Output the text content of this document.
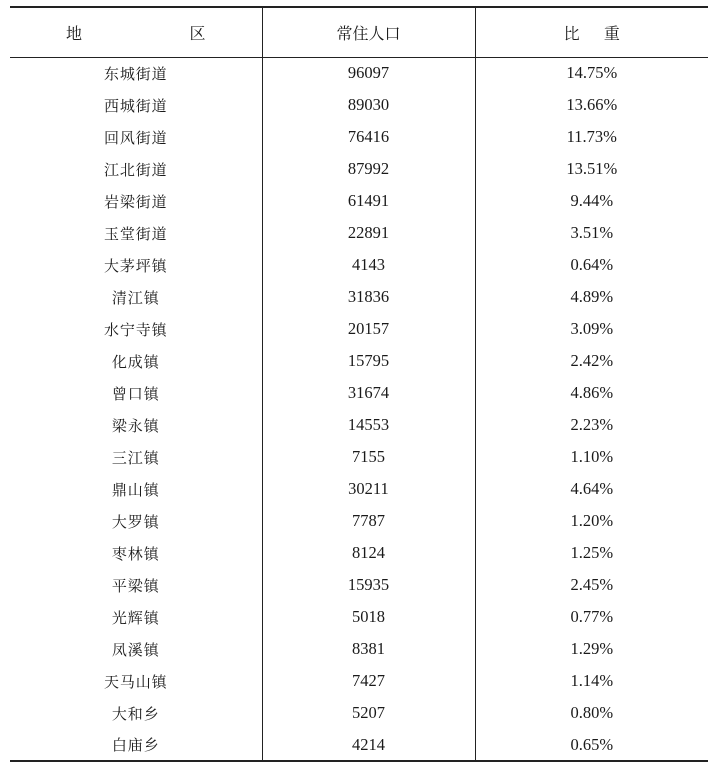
地 区	常住人口	比 重
东城街道	96097	14.75%
西城街道	89030	13.66%
回风街道	76416	11.73%
江北街道	87992	13.51%
岩梁街道	61491	9.44%
玉堂街道	22891	3.51%
大茅坪镇	4143	0.64%
清江镇	31836	4.89%
水宁寺镇	20157	3.09%
化成镇	15795	2.42%
曾口镇	31674	4.86%
梁永镇	14553	2.23%
三江镇	7155	1.10%
鼎山镇	30211	4.64%
大罗镇	7787	1.20%
枣林镇	8124	1.25%
平梁镇	15935	2.45%
光辉镇	5018	0.77%
凤溪镇	8381	1.29%
天马山镇	7427	1.14%
大和乡	5207	0.80%
白庙乡	4214	0.65%
